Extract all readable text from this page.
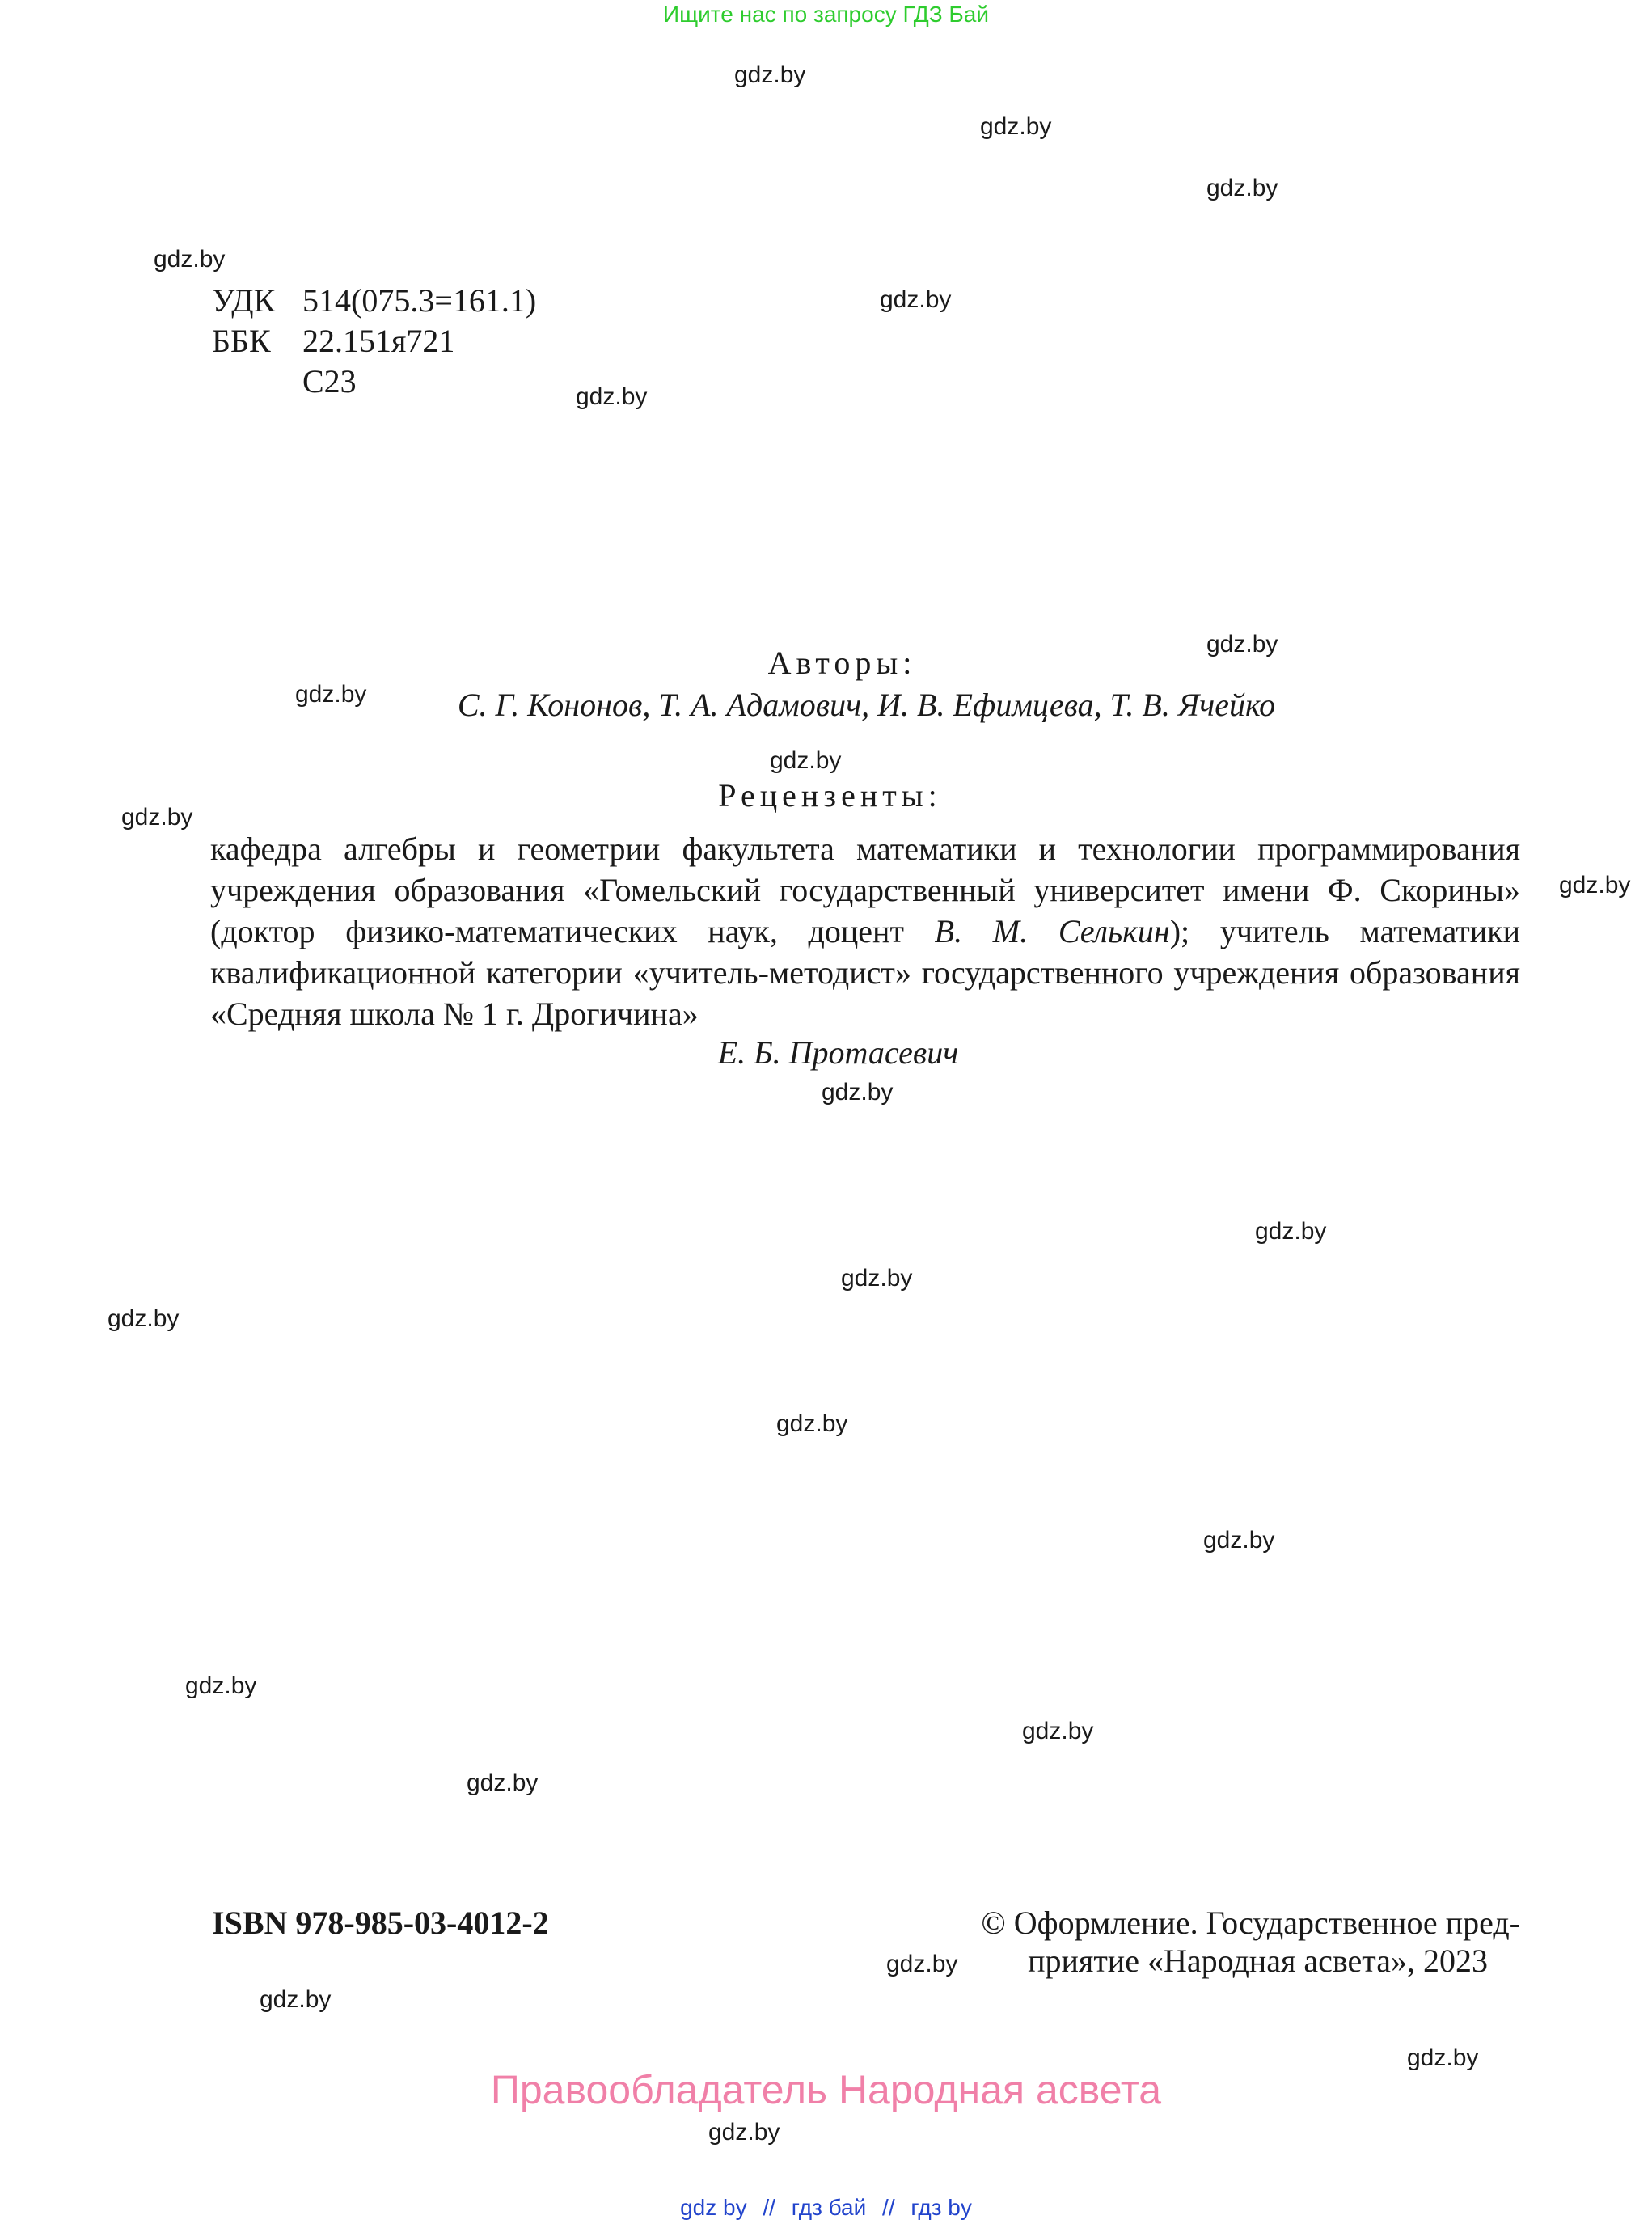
Ищите нас по запросу ГДЗ Бай
gdz.by
gdz.by
gdz.by
gdz.by
gdz.by
gdz.by
gdz.by
gdz.by
gdz.by
gdz.by
gdz.by
gdz.by
gdz.by
gdz.by
gdz.by
gdz.by
gdz.by
gdz.by
gdz.by
gdz.by
gdz.by
gdz.by
gdz.by
gdz.by
УДК 514(075.3=161.1)
ББК 22.151я721
С23
Авторы:
С. Г. Кононов, Т. А. Адамович, И. В. Ефимцева, Т. В. Ячейко
Рецензенты:
кафедра алгебры и геометрии факультета математики и технологии программирования учреждения образования «Гомельский государственный университет имени Ф. Скорины» (доктор физико-математических наук, доцент В. М. Селькин); учитель математики квалификационной категории «учитель-методист» государственного учреждения образования «Средняя школа № 1 г. Дрогичина»
Е. Б. Протасевич
ISBN 978-985-03-4012-2	© Оформление. Государственное пред-
приятие «Народная асвета», 2023
Правообладатель Народная асвета
gdz by // гдз бай // гдз by
